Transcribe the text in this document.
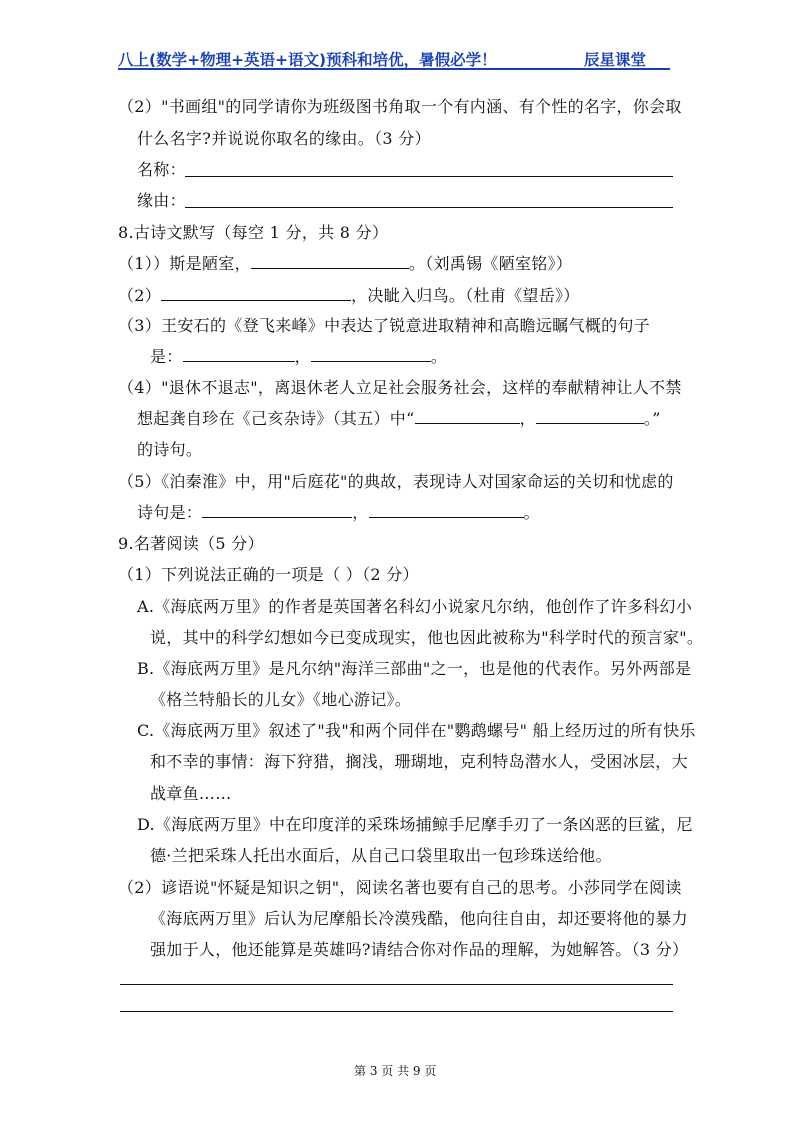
八上(数学+物理+英语+语文)预科和培优，暑假必学！	辰星课堂
（2）"书画组"的同学请你为班级图书角取一个有内涵、有个性的名字，你会取
什么名字?并说说你取名的缘由。（3 分）
名称：
缘由：
8.古诗文默写（每空 1 分，共 8 分）
（1））斯是陋室，	。（刘禹锡《陋室铭》）
（2）	，决眦入归鸟。（杜甫《望岳》）
（3）王安石的《登飞来峰》中表达了锐意进取精神和高瞻远瞩气概的句子
是：	，	。
（4）"退休不退志"，离退休老人立足社会服务社会，这样的奉献精神让人不禁
想起龚自珍在《己亥杂诗》（其五）中“	，	。”
的诗句。
（5）《泊秦淮》中，用"后庭花"的典故，表现诗人对国家命运的关切和忧虑的
诗句是：	，	。
9.名著阅读（5 分）
（1）下列说法正确的一项是（ ）（2 分）
A.《海底两万里》的作者是英国著名科幻小说家凡尔纳，他创作了许多科幻小
说，其中的科学幻想如今已变成现实，他也因此被称为"科学时代的预言家"。
B.《海底两万里》是凡尔纳"海洋三部曲"之一，也是他的代表作。另外两部是
《格兰特船长的儿女》《地心游记》。
C.《海底两万里》叙述了"我"和两个同伴在"鹦鹉螺号" 船上经历过的所有快乐
和不幸的事情：海下狩猎，搁浅，珊瑚地，克利特岛潜水人，受困冰层，大
战章鱼……
D.《海底两万里》中在印度洋的采珠场捕鲸手尼摩手刃了一条凶恶的巨鲨，尼
德·兰把采珠人托出水面后，从自己口袋里取出一包珍珠送给他。
（2）谚语说"怀疑是知识之钥"，阅读名著也要有自己的思考。小莎同学在阅读
《海底两万里》后认为尼摩船长冷漠残酷，他向往自由，却还要将他的暴力
强加于人，他还能算是英雄吗?请结合你对作品的理解，为她解答。（3 分）
第 3 页 共 9 页
